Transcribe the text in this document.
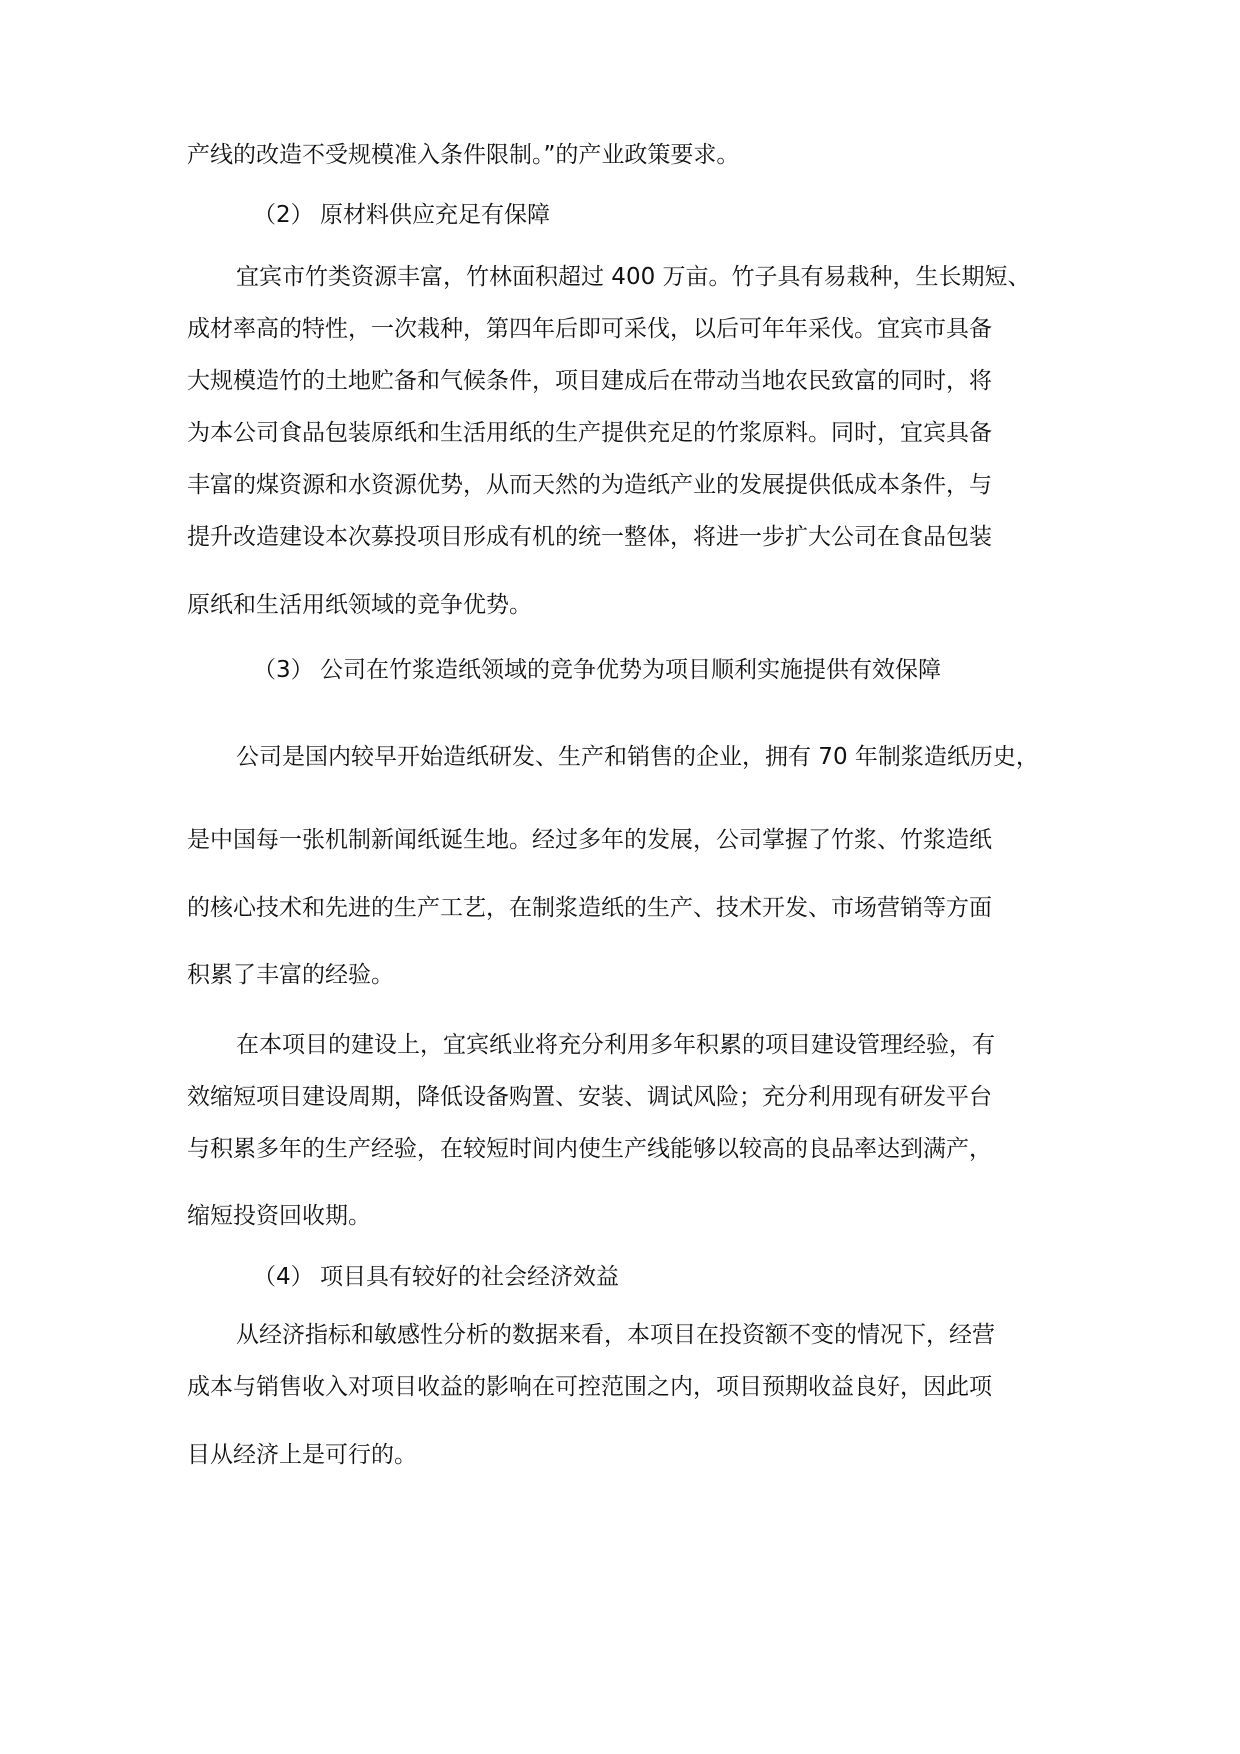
产线的改造不受规模准入条件限制。”的产业政策要求。
（2） 原材料供应充足有保障
宜宾市竹类资源丰富，竹林面积超过 400 万亩。竹子具有易栽种，生长期短、
成材率高的特性，一次栽种，第四年后即可采伐，以后可年年采伐。宜宾市具备
大规模造竹的土地贮备和气候条件，项目建成后在带动当地农民致富的同时，将
为本公司食品包装原纸和生活用纸的生产提供充足的竹浆原料。同时，宜宾具备
丰富的煤资源和水资源优势，从而天然的为造纸产业的发展提供低成本条件，与
提升改造建设本次募投项目形成有机的统一整体，将进一步扩大公司在食品包装
原纸和生活用纸领域的竞争优势。
（3） 公司在竹浆造纸领域的竞争优势为项目顺利实施提供有效保障
公司是国内较早开始造纸研发、生产和销售的企业，拥有 70 年制浆造纸历史，
是中国每一张机制新闻纸诞生地。经过多年的发展，公司掌握了竹浆、竹浆造纸
的核心技术和先进的生产工艺，在制浆造纸的生产、技术开发、市场营销等方面
积累了丰富的经验。
在本项目的建设上，宜宾纸业将充分利用多年积累的项目建设管理经验，有
效缩短项目建设周期，降低设备购置、安装、调试风险；充分利用现有研发平台
与积累多年的生产经验，在较短时间内使生产线能够以较高的良品率达到满产，
缩短投资回收期。
（4） 项目具有较好的社会经济效益
从经济指标和敏感性分析的数据来看，本项目在投资额不变的情况下，经营
成本与销售收入对项目收益的影响在可控范围之内，项目预期收益良好，因此项
目从经济上是可行的。
